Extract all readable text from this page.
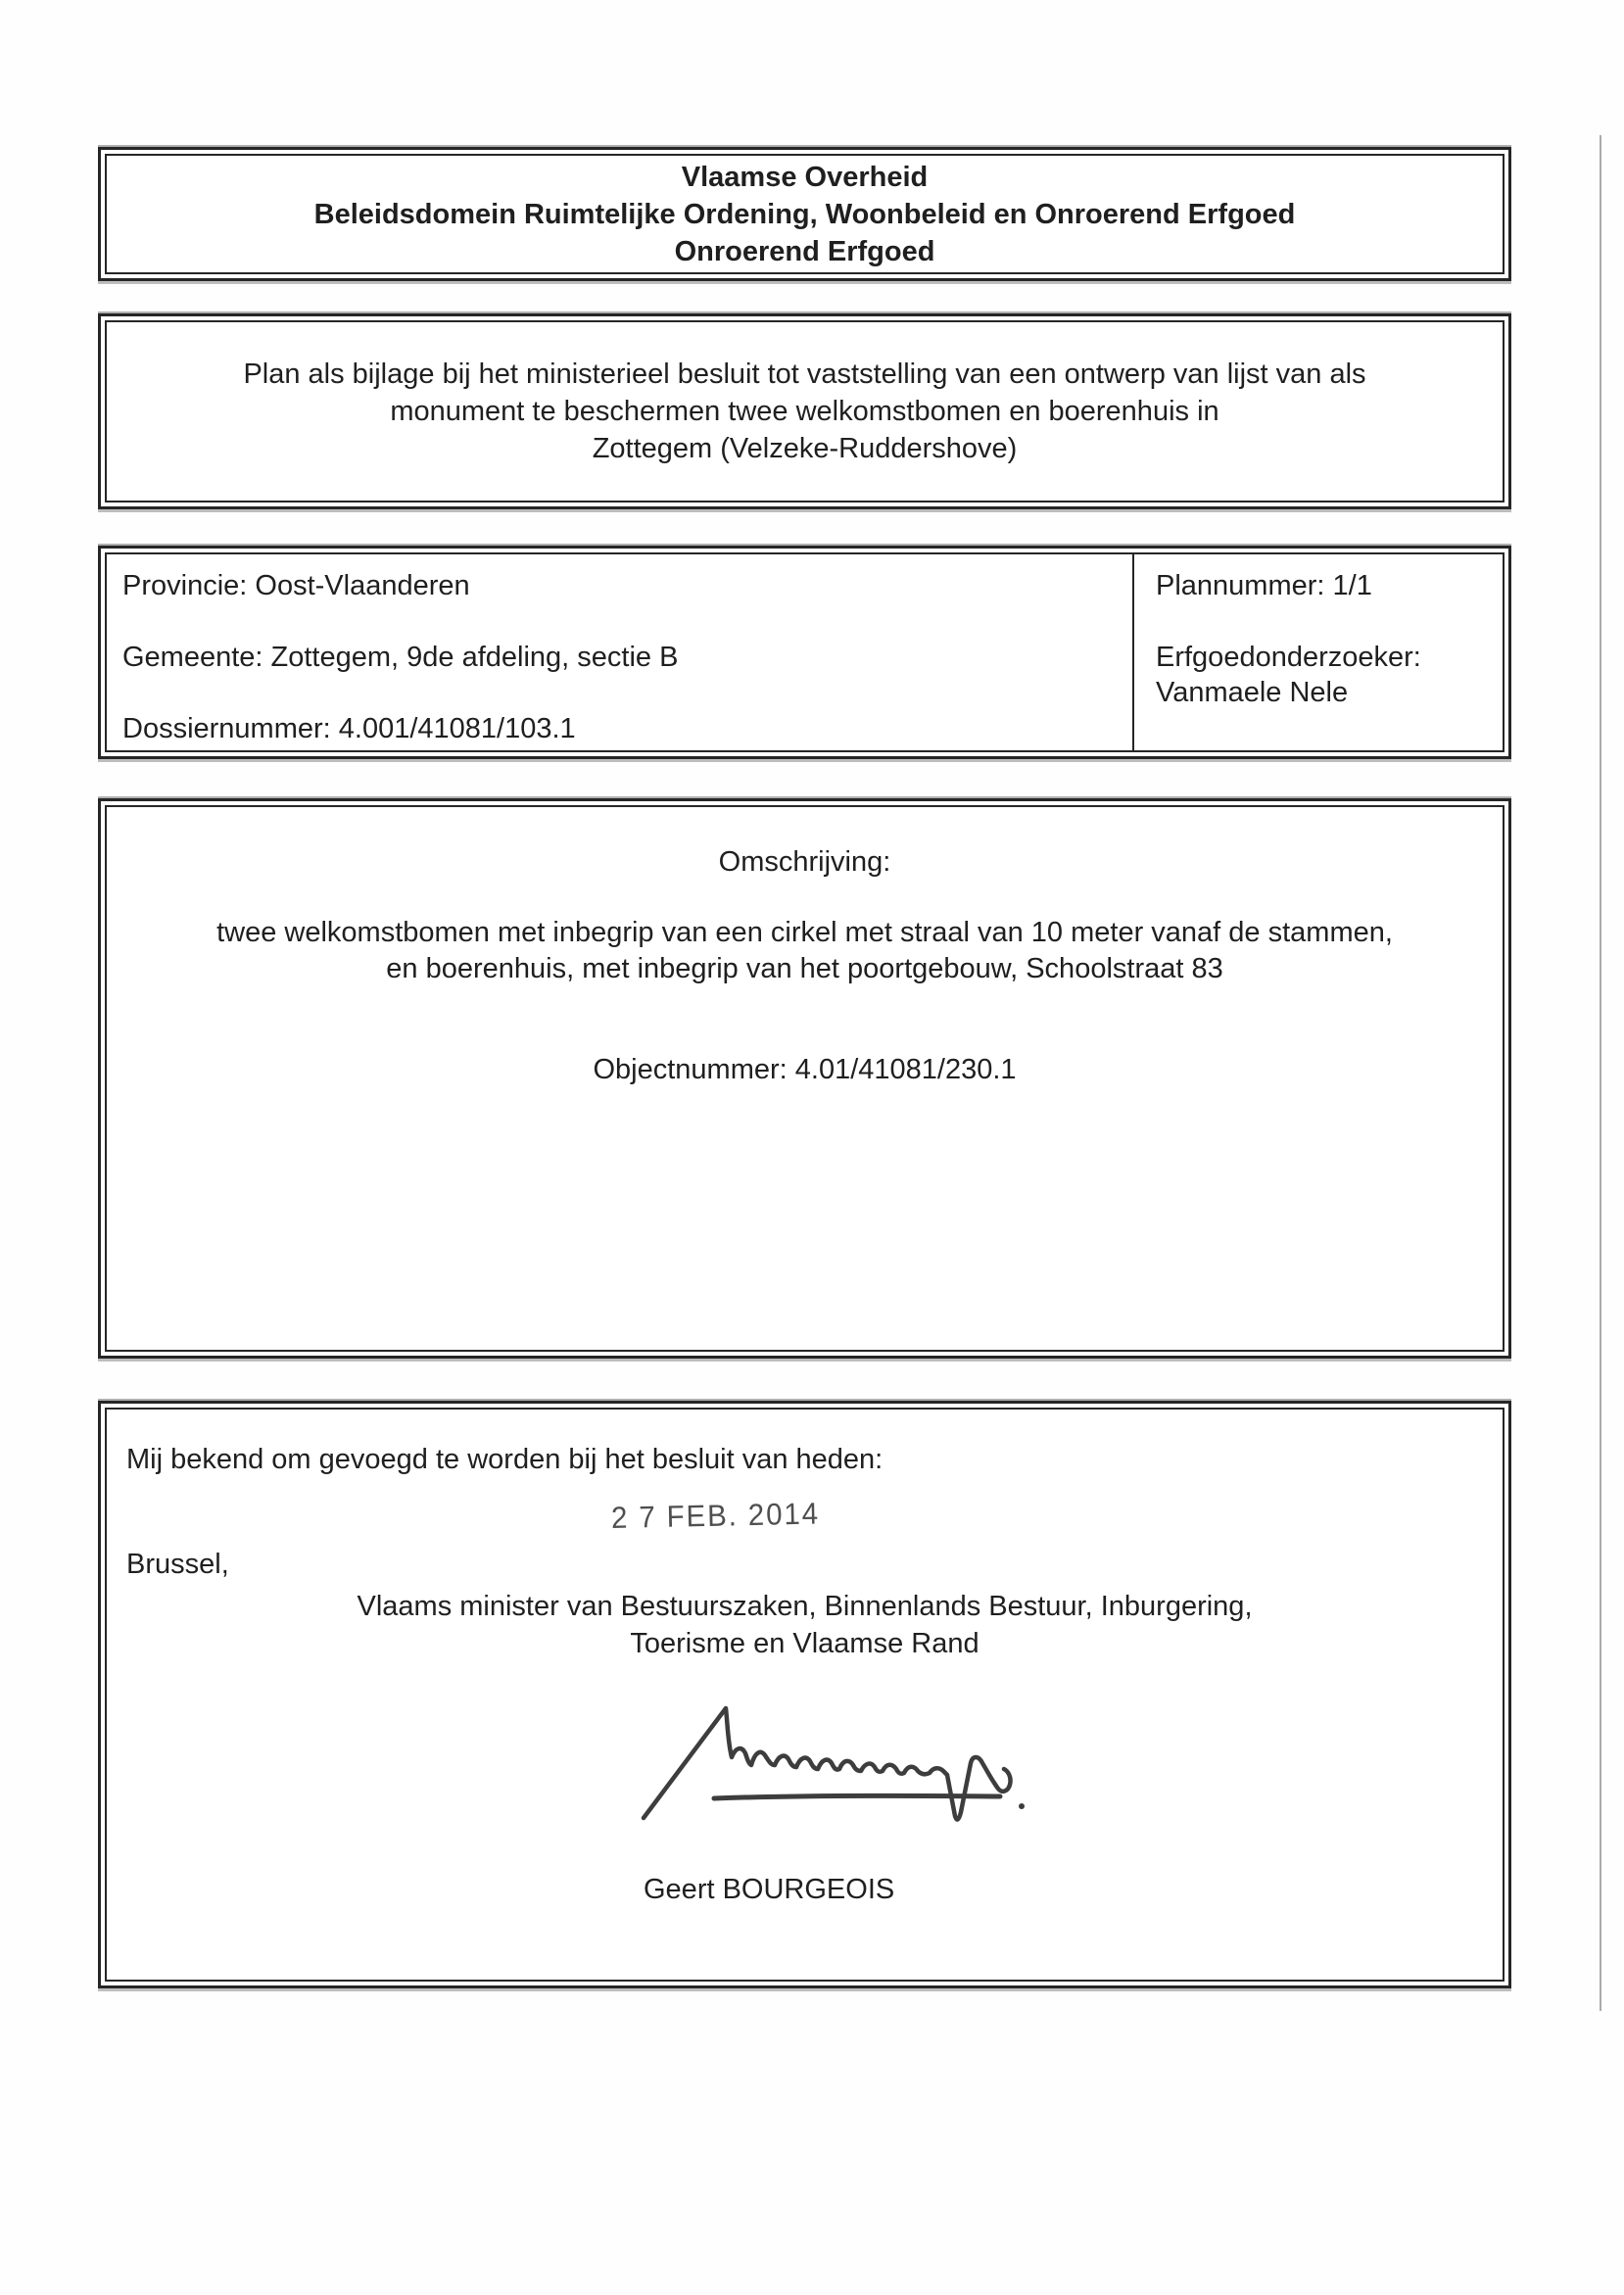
Vlaamse Overheid
Beleidsdomein Ruimtelijke Ordening, Woonbeleid en Onroerend Erfgoed
Onroerend Erfgoed
Plan als bijlage bij het ministerieel besluit tot vaststelling van een ontwerp van lijst van als
monument te beschermen twee welkomstbomen en boerenhuis in
Zottegem (Velzeke-Ruddershove)
Provincie: Oost-Vlaanderen
Gemeente: Zottegem, 9de afdeling, sectie B
Dossiernummer: 4.001/41081/103.1
Plannummer: 1/1
Erfgoedonderzoeker:
Vanmaele Nele
Omschrijving:
twee welkomstbomen met inbegrip van een cirkel met straal van 10 meter vanaf de stammen,
en boerenhuis, met inbegrip van het poortgebouw, Schoolstraat 83
Objectnummer: 4.01/41081/230.1
Mij bekend om gevoegd te worden bij het besluit van heden:
2 7 FEB. 2014
Brussel,
Vlaams minister van Bestuurszaken, Binnenlands Bestuur, Inburgering,
Toerisme en Vlaamse Rand
Geert BOURGEOIS
